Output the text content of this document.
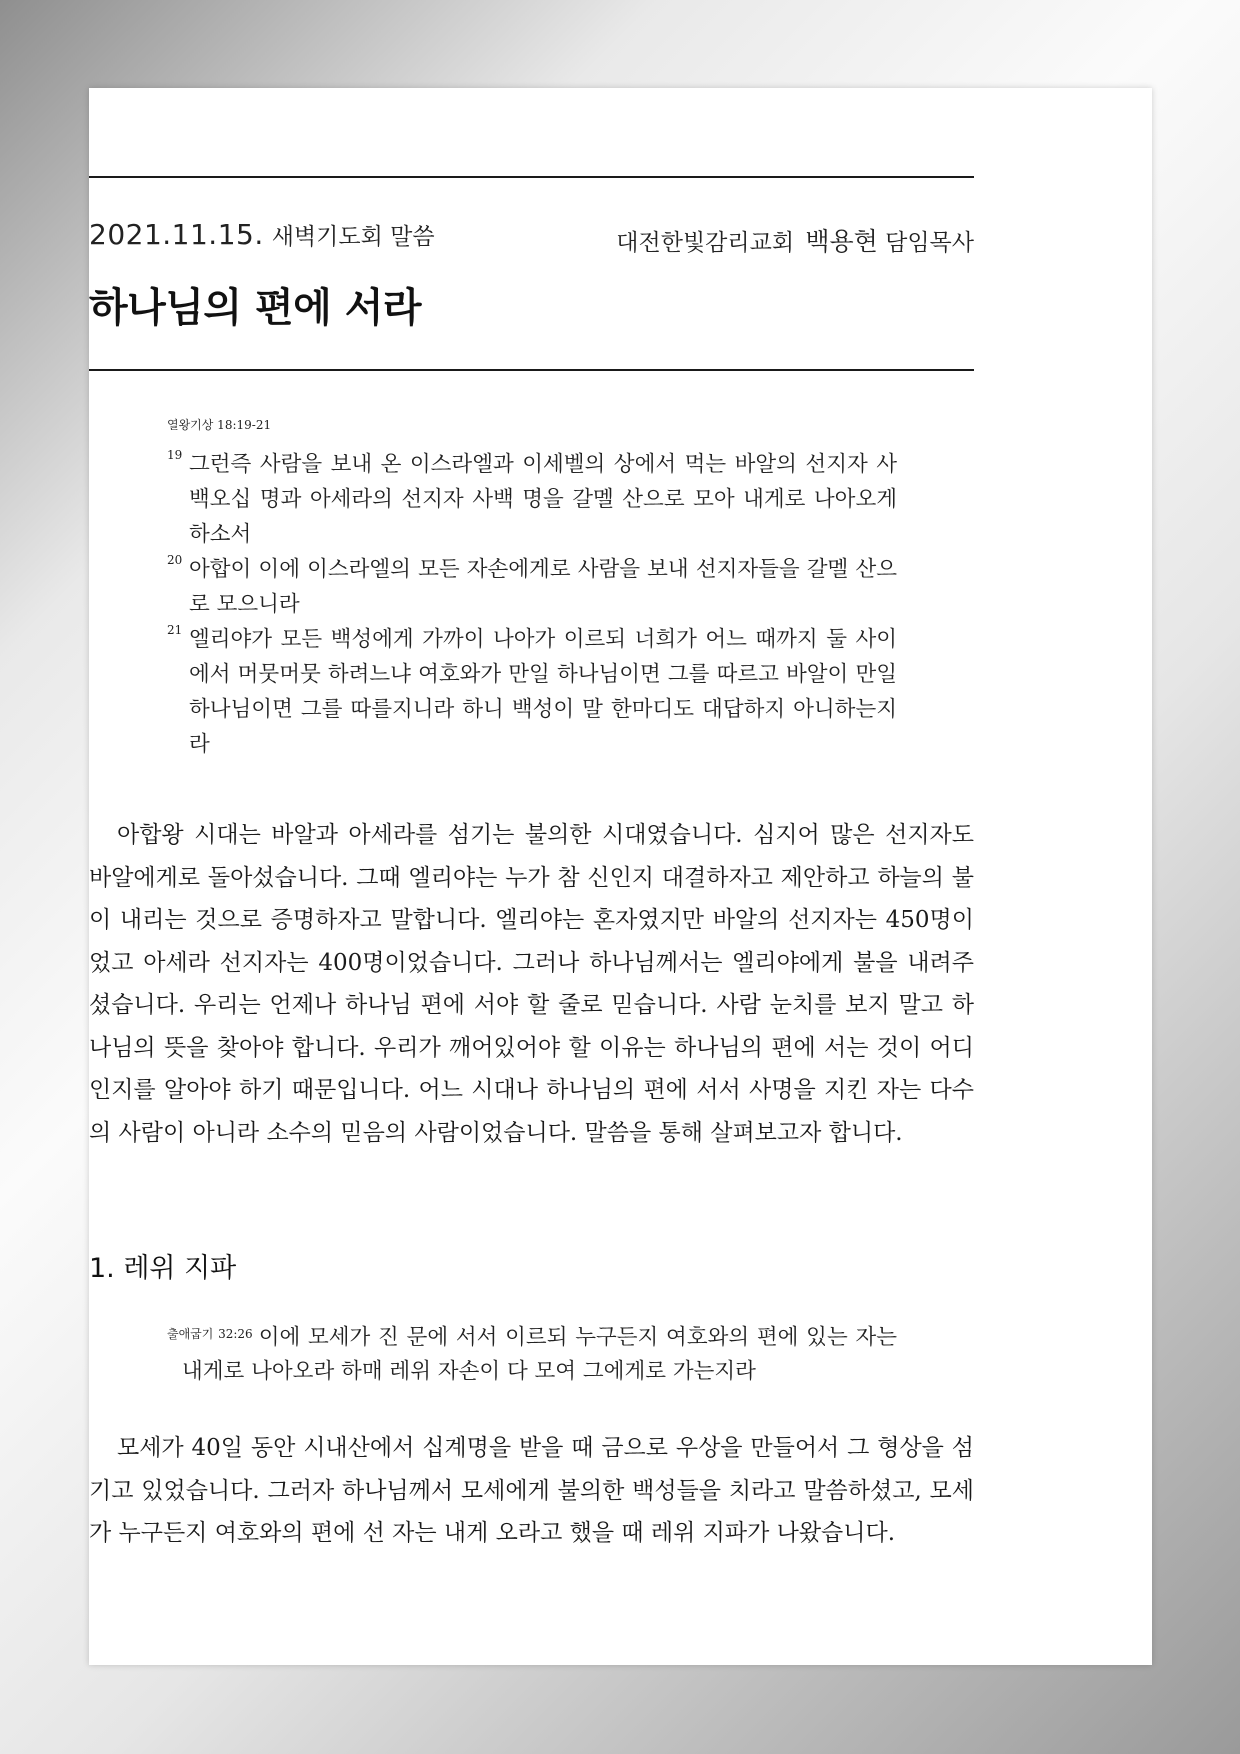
2021.11.15. 새벽기도회 말씀	대전한빛감리교회 백용현 담임목사
하나님의 편에 서라
열왕기상 18:19-21
19 그런즉 사람을 보내 온 이스라엘과 이세벨의 상에서 먹는 바알의 선지자 사백오십 명과 아세라의 선지자 사백 명을 갈멜 산으로 모아 내게로 나아오게 하소서
20 아합이 이에 이스라엘의 모든 자손에게로 사람을 보내 선지자들을 갈멜 산으로 모으니라
21 엘리야가 모든 백성에게 가까이 나아가 이르되 너희가 어느 때까지 둘 사이에서 머뭇머뭇 하려느냐 여호와가 만일 하나님이면 그를 따르고 바알이 만일 하나님이면 그를 따를지니라 하니 백성이 말 한마디도 대답하지 아니하는지라

아합왕 시대는 바알과 아세라를 섬기는 불의한 시대였습니다. 심지어 많은 선지자도 바알에게로 돌아섰습니다. 그때 엘리야는 누가 참 신인지 대결하자고 제안하고 하늘의 불이 내리는 것으로 증명하자고 말합니다. 엘리야는 혼자였지만 바알의 선지자는 450명이었고 아세라 선지자는 400명이었습니다. 그러나 하나님께서는 엘리야에게 불을 내려주셨습니다. 우리는 언제나 하나님 편에 서야 할 줄로 믿습니다. 사람 눈치를 보지 말고 하나님의 뜻을 찾아야 합니다. 우리가 깨어있어야 할 이유는 하나님의 편에 서는 것이 어디인지를 알아야 하기 때문입니다. 어느 시대나 하나님의 편에 서서 사명을 지킨 자는 다수의 사람이 아니라 소수의 믿음의 사람이었습니다. 말씀을 통해 살펴보고자 합니다.

1. 레위 지파
$^{출애굽기 32:26}$ 이에 모세가 진 문에 서서 이르되 누구든지 여호와의 편에 있는 자는 내게로 나아오라 하매 레위 자손이 다 모여 그에게로 가는지라

모세가 40일 동안 시내산에서 십계명을 받을 때 금으로 우상을 만들어서 그 형상을 섬기고 있었습니다. 그러자 하나님께서 모세에게 불의한 백성들을 치라고 말씀하셨고, 모세가 누구든지 여호와의 편에 선 자는 내게 오라고 했을 때 레위 지파가 나왔습니다.
